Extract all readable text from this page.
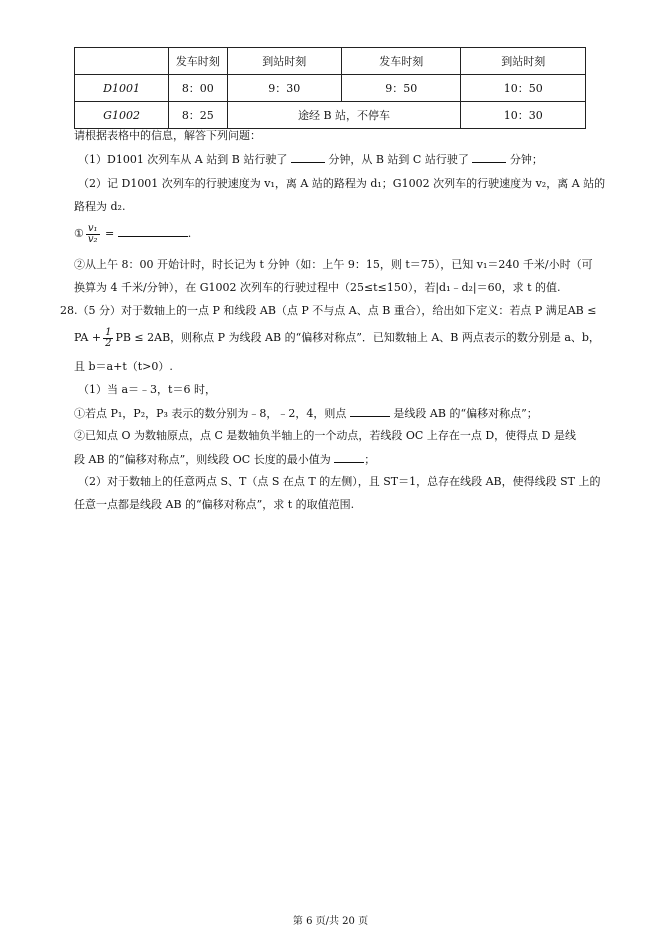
	发车时刻	到站时刻	发车时刻	到站时刻
D1001	8：00	9：30	9：50	10：50
G1002	8：25	途经 B 站，不停车		10：30
请根据表格中的信息，解答下列问题：
（1）D1001 次列车从 A 站到 B 站行驶了	分钟，从 B 站到 C 站行驶了	分钟；
（2）记 D1001 次列车的行驶速度为 v₁，离 A 站的路程为 d₁；G1002 次列车的行驶速度为 v₂，离 A 站的
路程为 d₂.
① $\frac{\text{v₁}}{\text{v₂}}$ =	.
②从上午 8：00 开始计时，时长记为 t 分钟（如：上午 9：15，则 t＝75），已知 v₁＝240 千米/小时（可
换算为 4 千米/分钟），在 G1002 次列车的行驶过程中（25≤t≤150），若|d₁﹣d₂|＝60，求 t 的值.
28.（5 分）对于数轴上的一点 P 和线段 AB（点 P 不与点 A、点 B 重合），给出如下定义：若点 P 满足AB ≤
PA + $\frac{1}{2}$ PB ≤ 2AB，则称点 P 为线段 AB 的“偏移对称点”．已知数轴上 A、B 两点表示的数分别是 a、b，
且 b＝a+t（t>0）.
（1）当 a＝﹣3，t＝6 时，
①若点 P₁，P₂，P₃ 表示的数分别为﹣8，﹣2，4，则点	是线段 AB 的“偏移对称点”；
②已知点 O 为数轴原点，点 C 是数轴负半轴上的一个动点，若线段 OC 上存在一点 D，使得点 D 是线
段 AB 的“偏移对称点”，则线段 OC 长度的最小值为	；
（2）对于数轴上的任意两点 S、T（点 S 在点 T 的左侧），且 ST＝1，总存在线段 AB，使得线段 ST 上的
任意一点都是线段 AB 的“偏移对称点”，求 t 的取值范围.
第 6 页/共 20 页
